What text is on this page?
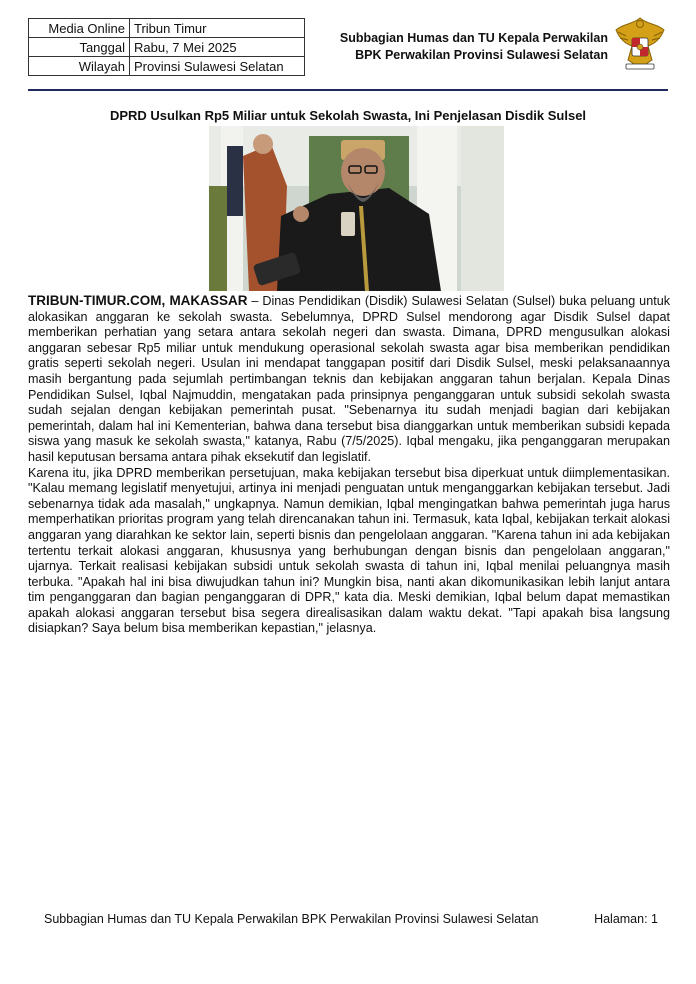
Media Online	Tribun Timur
Tanggal	Rabu, 7 Mei 2025
Wilayah	Provinsi Sulawesi Selatan
Subbagian Humas dan TU Kepala Perwakilan
BPK Perwakilan Provinsi Sulawesi Selatan
DPRD Usulkan Rp5 Miliar untuk Sekolah Swasta, Ini Penjelasan Disdik Sulsel

TRIBUN-TIMUR.COM, MAKASSAR – Dinas Pendidikan (Disdik) Sulawesi Selatan (Sulsel) buka peluang untuk alokasikan anggaran ke sekolah swasta. Sebelumnya, DPRD Sulsel mendorong agar Disdik Sulsel dapat memberikan perhatian yang setara antara sekolah negeri dan swasta. Dimana, DPRD mengusulkan alokasi anggaran sebesar Rp5 miliar untuk mendukung operasional sekolah swasta agar bisa memberikan pendidikan gratis seperti sekolah negeri. Usulan ini mendapat tanggapan positif dari Disdik Sulsel, meski pelaksanaannya masih bergantung pada sejumlah pertimbangan teknis dan kebijakan anggaran tahun berjalan. Kepala Dinas Pendidikan Sulsel, Iqbal Najmuddin, mengatakan pada prinsipnya penganggaran untuk subsidi sekolah swasta sudah sejalan dengan kebijakan pemerintah pusat. "Sebenarnya itu sudah menjadi bagian dari kebijakan pemerintah, dalam hal ini Kementerian, bahwa dana tersebut bisa dianggarkan untuk memberikan subsidi kepada siswa yang masuk ke sekolah swasta," katanya, Rabu (7/5/2025). Iqbal mengaku, jika penganggaran merupakan hasil keputusan bersama antara pihak eksekutif dan legislatif.

Karena itu, jika DPRD memberikan persetujuan, maka kebijakan tersebut bisa diperkuat untuk diimplementasikan. "Kalau memang legislatif menyetujui, artinya ini menjadi penguatan untuk menganggarkan kebijakan tersebut. Jadi sebenarnya tidak ada masalah," ungkapnya. Namun demikian, Iqbal mengingatkan bahwa pemerintah juga harus memperhatikan prioritas program yang telah direncanakan tahun ini. Termasuk, kata Iqbal, kebijakan terkait alokasi anggaran yang diarahkan ke sektor lain, seperti bisnis dan pengelolaan anggaran. "Karena tahun ini ada kebijakan tertentu terkait alokasi anggaran, khususnya yang berhubungan dengan bisnis dan pengelolaan anggaran," ujarnya. Terkait realisasi kebijakan subsidi untuk sekolah swasta di tahun ini, Iqbal menilai peluangnya masih terbuka. "Apakah hal ini bisa diwujudkan tahun ini? Mungkin bisa, nanti akan dikomunikasikan lebih lanjut antara tim penganggaran dan bagian penganggaran di DPR," kata dia. Meski demikian, Iqbal belum dapat memastikan apakah alokasi anggaran tersebut bisa segera direalisasikan dalam waktu dekat. "Tapi apakah bisa langsung disiapkan? Saya belum bisa memberikan kepastian," jelasnya.

Subbagian Humas dan TU Kepala Perwakilan BPK Perwakilan Provinsi Sulawesi Selatan	Halaman: 1
